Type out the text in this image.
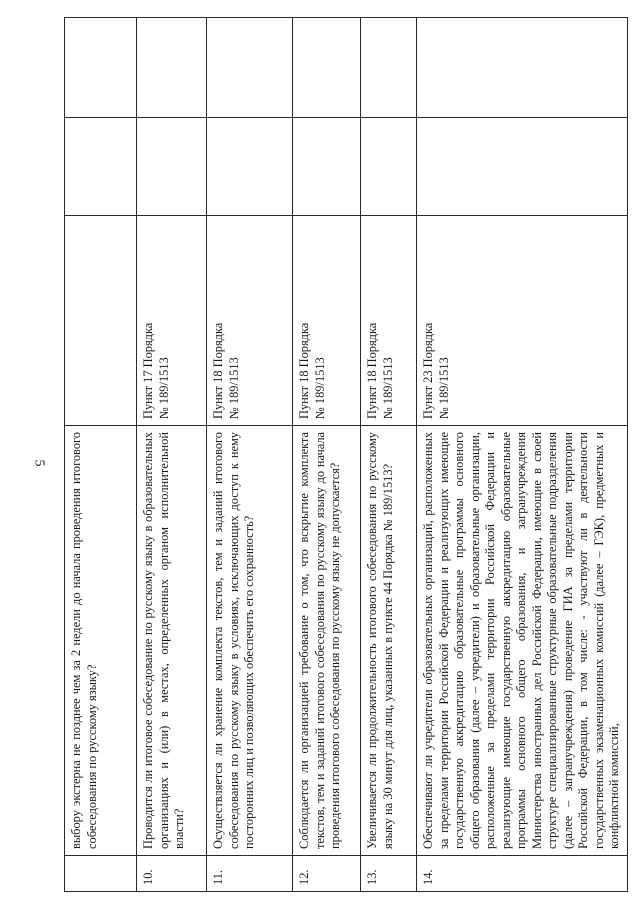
5
	выбору экстерна не позднее чем за 2 недели до начала проведения итогового собеседования по русскому языку?			
10.	Проводится ли итоговое собеседование по русскому языку в образовательных организациях и (или) в местах, определенных органом исполнительной власти?	Пункт 17 Порядка № 189/1513		

11.	Осуществляется ли хранение комплекта текстов, тем и заданий итогового собеседования по русскому языку в условиях, исключающих доступ к нему посторонних лиц и позволяющих обеспечить его сохранность?	Пункт 18 Порядка № 189/1513		

12.	Соблюдается ли организацией требование о том, что вскрытие комплекта текстов, тем и заданий итогового собеседования по русскому языку до начала проведения итогового собеседования по русскому языку не допускается?	Пункт 18 Порядка № 189/1513		

13.	Увеличивается ли продолжительность итогового собеседования по русскому языку на 30 минут для лиц, указанных в пункте 44 Порядка № 189/1513?	Пункт 18 Порядка № 189/1513		

14.	Обеспечивают ли учредители образовательных организаций, расположенных за пределами территории Российской Федерации и реализующих имеющие государственную аккредитацию образовательные программы основного общего образования (далее – учредители) и образовательные организации, расположенные за пределами территории Российской Федерации и реализующие имеющие государственную аккредитацию образовательные программы основного общего образования, и загранучреждения Министерства иностранных дел Российской Федерации, имеющие в своей структуре специализированные структурные образовательные подразделения (далее – загранучреждения) проведение ГИА за пределами территории Российской Федерации, в том числе: - участвуют ли в деятельности государственных экзаменационных комиссий (далее – ГЭК), предметных и конфликтной комиссий,	Пункт 23 Порядка № 189/1513		
